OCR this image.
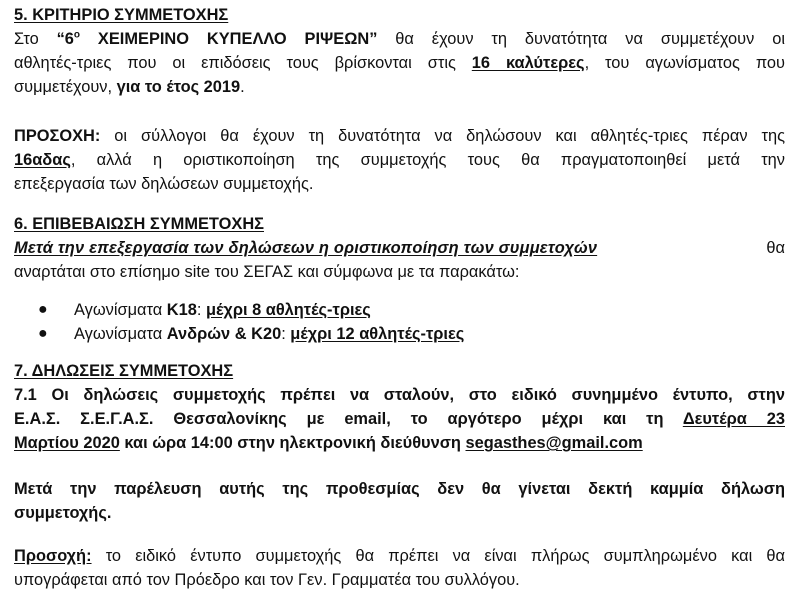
5. ΚΡΙΤΗΡΙΟ ΣΥΜΜΕΤΟΧΗΣ
Στο “$6^o$ ΧΕΙΜΕΡΙΝΟ ΚΥΠΕΛΛΟ ΡΙΨΕΩΝ” θα έχουν τη δυνατότητα να συμμετέχουν οι
αθλητές-τριες που οι επιδόσεις τους βρίσκονται στις 16 καλύτερες, του αγωνίσματος που
συμμετέχουν, για το έτος 2019.
ΠΡΟΣΟΧΗ: οι σύλλογοι θα έχουν τη δυνατότητα να δηλώσουν και αθλητές-τριες πέραν της
16αδας, αλλά η οριστικοποίηση της συμμετοχής τους θα πραγματοποιηθεί μετά την
επεξεργασία των δηλώσεων συμμετοχής.
6. ΕΠΙΒΕΒΑΙΩΣΗ ΣΥΜΜΕΤΟΧΗΣ
Μετά την επεξεργασία των δηλώσεων η οριστικοποίηση των συμμετοχών	θα
αναρτάται στο επίσημο site του ΣΕΓΑΣ και σύμφωνα με τα παρακάτω:
● Αγωνίσματα Κ18: μέχρι 8 αθλητές-τριες
● Αγωνίσματα Ανδρών & Κ20: μέχρι 12 αθλητές-τριες
7. ΔΗΛΩΣΕΙΣ ΣΥΜΜΕΤΟΧΗΣ
7.1 Οι δηλώσεις συμμετοχής πρέπει να σταλούν, στο ειδικό συνημμένο έντυπο, στην
Ε.Α.Σ. Σ.Ε.Γ.Α.Σ. Θεσσαλονίκης με email, το αργότερο μέχρι και τη Δευτέρα 23
Μαρτίου 2020 και ώρα 14:00 στην ηλεκτρονική διεύθυνση segasthes@gmail.com
Μετά την παρέλευση αυτής της προθεσμίας δεν θα γίνεται δεκτή καμμία δήλωση
συμμετοχής.
Προσοχή: το ειδικό έντυπο συμμετοχής θα πρέπει να είναι πλήρως συμπληρωμένο και θα
υπογράφεται από τον Πρόεδρο και τον Γεν. Γραμματέα του συλλόγου.
